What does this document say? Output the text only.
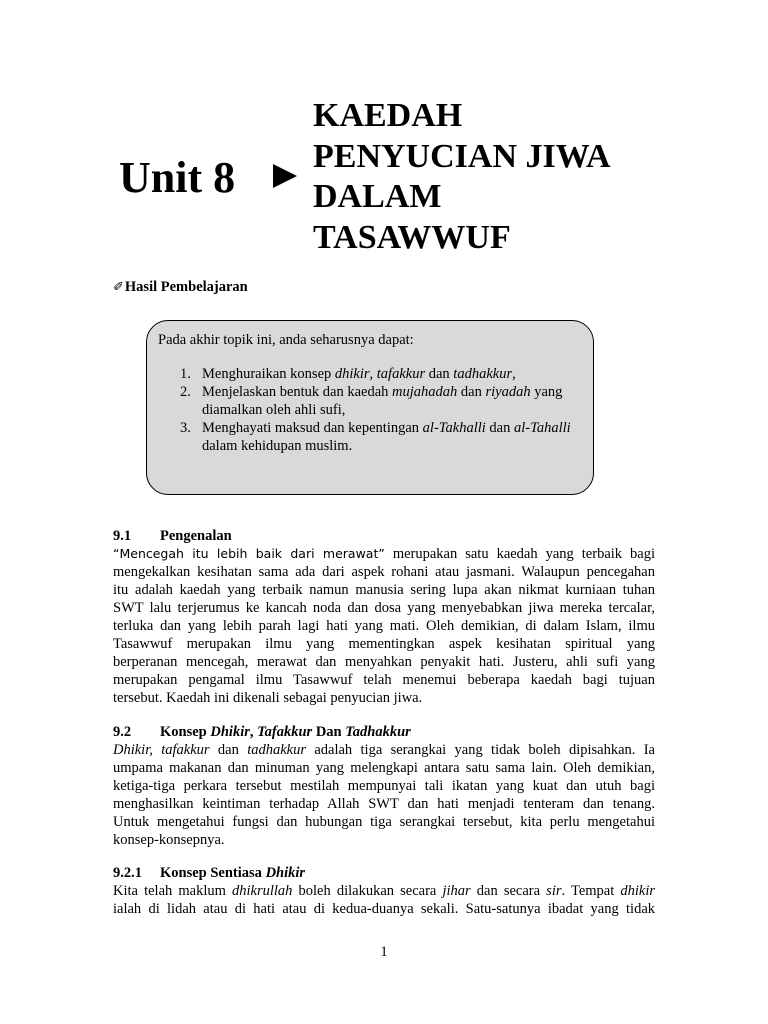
Unit 8
KAEDAH
PENYUCIAN JIWA
DALAM
TASAWWUF
✐Hasil Pembelajaran
Pada akhir topik ini, anda seharusnya dapat:
1. Menghuraikan konsep dhikir, tafakkur dan tadhakkur,
2. Menjelaskan bentuk dan kaedah mujahadah dan riyadah yang
diamalkan oleh ahli sufi,
3. Menghayati maksud dan kepentingan al-Takhalli dan al-Tahalli
dalam kehidupan muslim.
9.1 Pengenalan
“Mencegah itu lebih baik dari merawat” merupakan satu kaedah yang terbaik bagi
mengekalkan kesihatan sama ada dari aspek rohani atau jasmani. Walaupun pencegahan
itu adalah kaedah yang terbaik namun manusia sering lupa akan nikmat kurniaan tuhan
SWT lalu terjerumus ke kancah noda dan dosa yang menyebabkan jiwa mereka tercalar,
terluka dan yang lebih parah lagi hati yang mati. Oleh demikian, di dalam Islam, ilmu
Tasawwuf merupakan ilmu yang mementingkan aspek kesihatan spiritual yang
berperanan mencegah, merawat dan menyahkan penyakit hati. Justeru, ahli sufi yang
merupakan pengamal ilmu Tasawwuf telah menemui beberapa kaedah bagi tujuan
tersebut. Kaedah ini dikenali sebagai penyucian jiwa.
9.2 Konsep Dhikir, Tafakkur Dan Tadhakkur
Dhikir, tafakkur dan tadhakkur adalah tiga serangkai yang tidak boleh dipisahkan. Ia
umpama makanan dan minuman yang melengkapi antara satu sama lain. Oleh demikian,
ketiga-tiga perkara tersebut mestilah mempunyai tali ikatan yang kuat dan utuh bagi
menghasilkan keintiman terhadap Allah SWT dan hati menjadi tenteram dan tenang.
Untuk mengetahui fungsi dan hubungan tiga serangkai tersebut, kita perlu mengetahui
konsep-konsepnya.
9.2.1 Konsep Sentiasa Dhikir
Kita telah maklum dhikrullah boleh dilakukan secara jihar dan secara sir. Tempat dhikir
ialah di lidah atau di hati atau di kedua-duanya sekali. Satu-satunya ibadat yang tidak
1
